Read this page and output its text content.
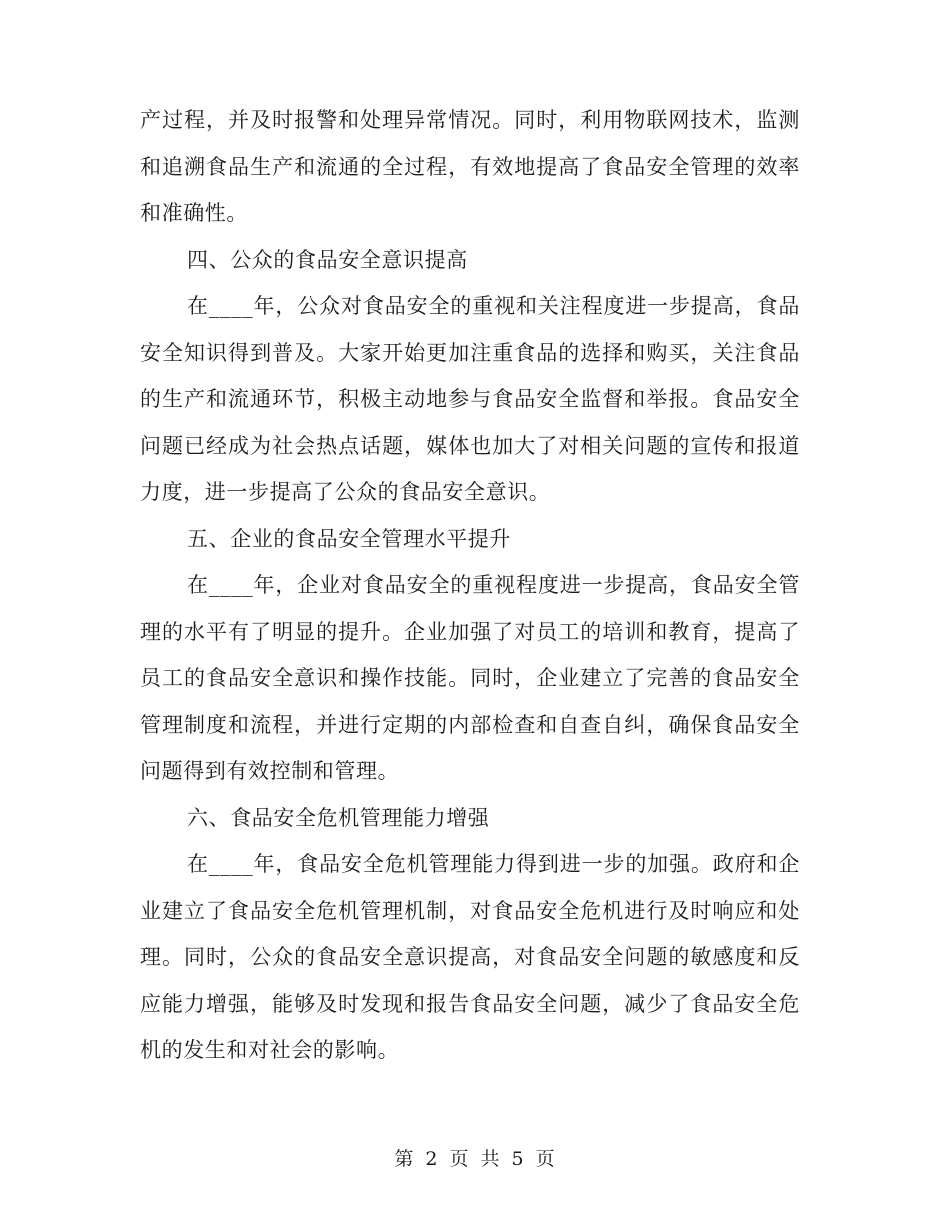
产过程，并及时报警和处理异常情况。同时，利用物联网技术，监测和追溯食品生产和流通的全过程，有效地提高了食品安全管理的效率和准确性。

四、公众的食品安全意识提高

在____年，公众对食品安全的重视和关注程度进一步提高，食品安全知识得到普及。大家开始更加注重食品的选择和购买，关注食品的生产和流通环节，积极主动地参与食品安全监督和举报。食品安全问题已经成为社会热点话题，媒体也加大了对相关问题的宣传和报道力度，进一步提高了公众的食品安全意识。

五、企业的食品安全管理水平提升

在____年，企业对食品安全的重视程度进一步提高，食品安全管理的水平有了明显的提升。企业加强了对员工的培训和教育，提高了员工的食品安全意识和操作技能。同时，企业建立了完善的食品安全管理制度和流程，并进行定期的内部检查和自查自纠，确保食品安全问题得到有效控制和管理。

六、食品安全危机管理能力增强

在____年，食品安全危机管理能力得到进一步的加强。政府和企业建立了食品安全危机管理机制，对食品安全危机进行及时响应和处理。同时，公众的食品安全意识提高，对食品安全问题的敏感度和反应能力增强，能够及时发现和报告食品安全问题，减少了食品安全危机的发生和对社会的影响。

第 2 页 共 5 页
